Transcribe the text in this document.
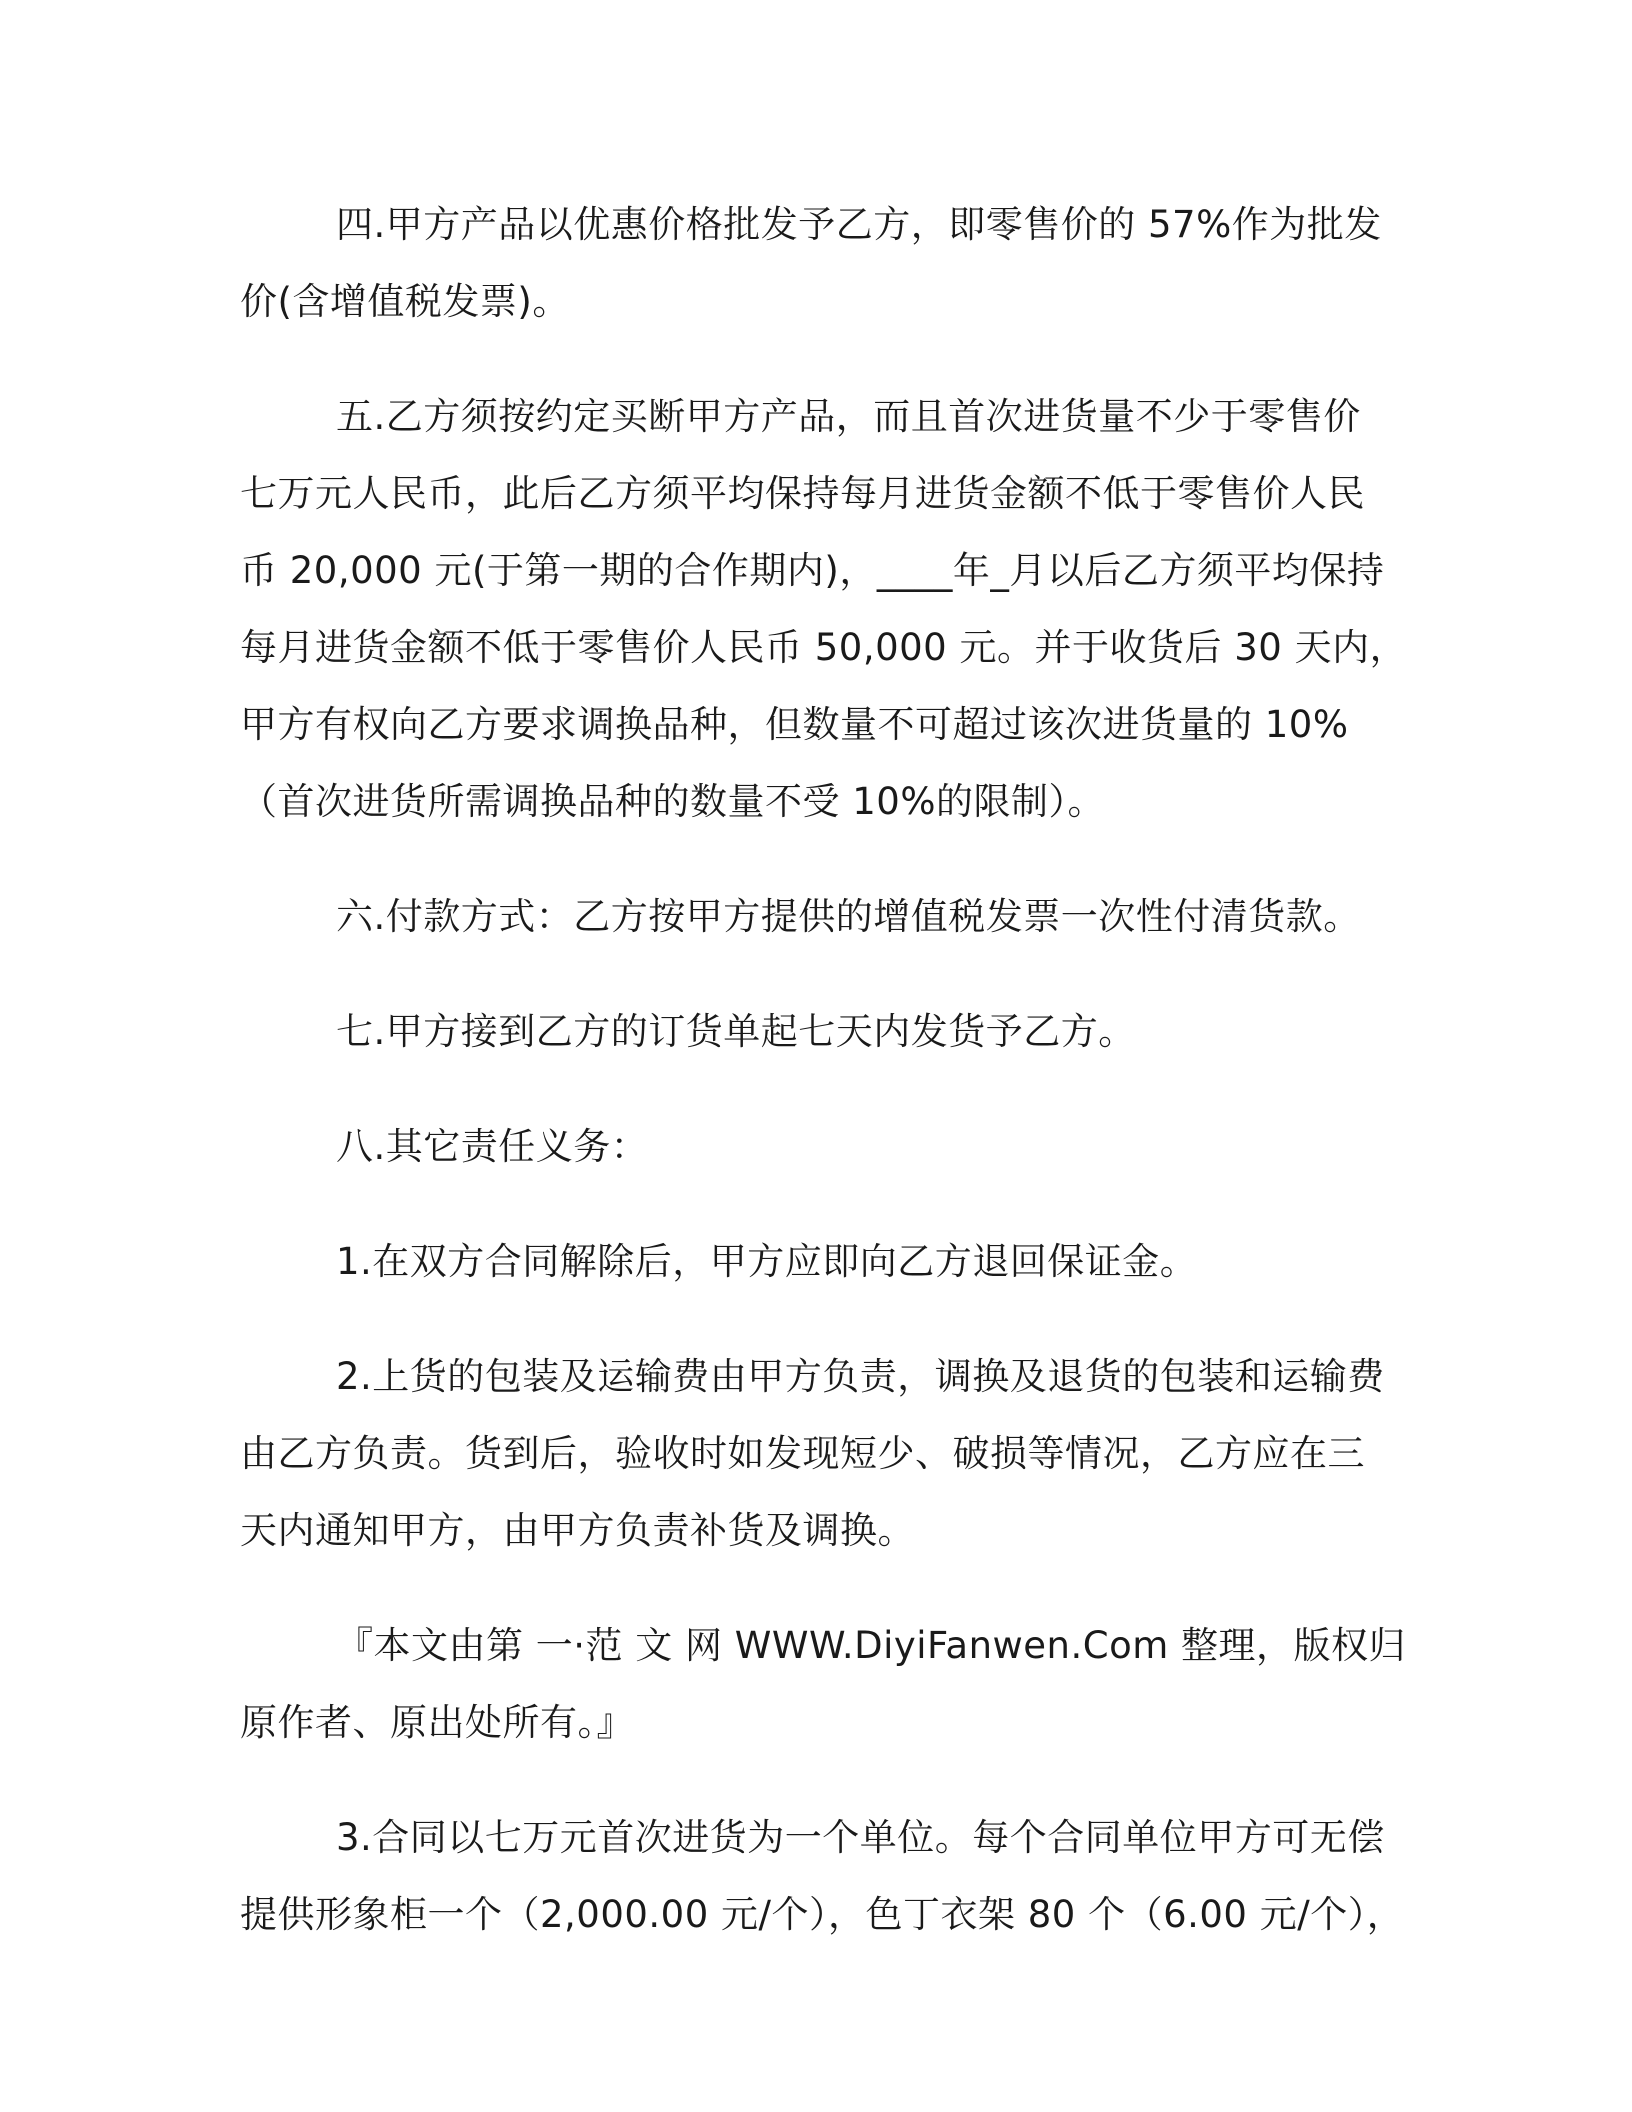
四.甲方产品以优惠价格批发予乙方，即零售价的 57%作为批发
价(含增值税发票)。

五.乙方须按约定买断甲方产品，而且首次进货量不少于零售价
七万元人民币，此后乙方须平均保持每月进货金额不低于零售价人民
币 20,000 元(于第一期的合作期内)，____年_月以后乙方须平均保持
每月进货金额不低于零售价人民币 50,000 元。并于收货后 30 天内，
甲方有权向乙方要求调换品种，但数量不可超过该次进货量的 10%
（首次进货所需调换品种的数量不受 10%的限制）。

六.付款方式：乙方按甲方提供的增值税发票一次性付清货款。

七.甲方接到乙方的订货单起七天内发货予乙方。

八.其它责任义务：

1.在双方合同解除后，甲方应即向乙方退回保证金。

2.上货的包装及运输费由甲方负责，调换及退货的包装和运输费
由乙方负责。货到后，验收时如发现短少、破损等情况，乙方应在三
天内通知甲方，由甲方负责补货及调换。

『本文由第 一·范 文 网 WWW.DiyiFanwen.Com 整理，版权归
原作者、原出处所有。』

3.合同以七万元首次进货为一个单位。每个合同单位甲方可无偿
提供形象柜一个（2,000.00 元/个），色丁衣架 80 个（6.00 元/个），
